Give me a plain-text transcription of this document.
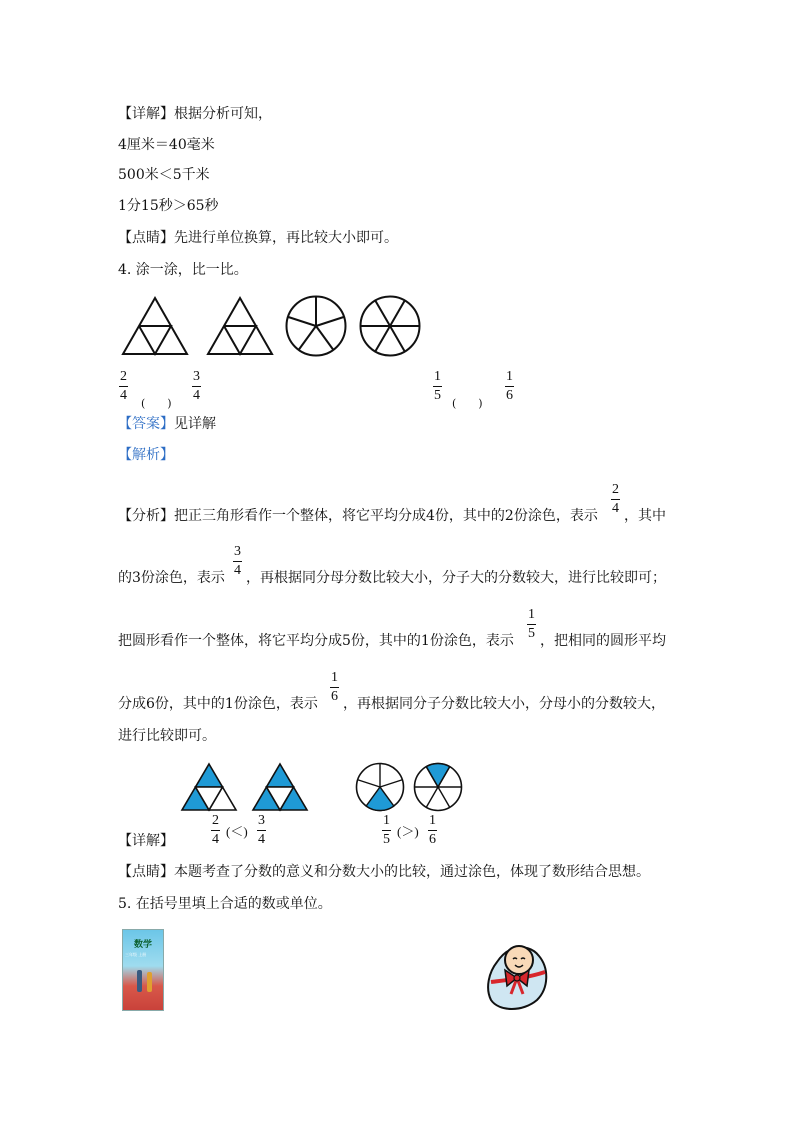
【详解】根据分析可知，
4厘米＝40毫米
500米＜5千米
1分15秒＞65秒
【点睛】先进行单位换算，再比较大小即可。
4. 涂一涂，比一比。
2
4
(　　)
3
4
1
5
(　　)
1
6
【答案】见详解
【解析】
【分析】把正三角形看作一个整体，将它平均分成4份，其中的2份涂色，表示
2
4 ，其中
的3份涂色，表示
3
4 ，再根据同分母分数比较大小，分子大的分数较大，进行比较即可；
把圆形看作一个整体，将它平均分成5份，其中的1份涂色，表示
1
5 ，把相同的圆形平均
分成6份，其中的1份涂色，表示
1
6 ，再根据同分子分数比较大小，分母小的分数较大，
进行比较即可。
【详解】
2
4
(＜)
3
4
1
5
(＞)
1
6
【点睛】本题考查了分数的意义和分数大小的比较，通过涂色，体现了数形结合思想。
5. 在括号里填上合适的数或单位。
数学
三年级 上册
